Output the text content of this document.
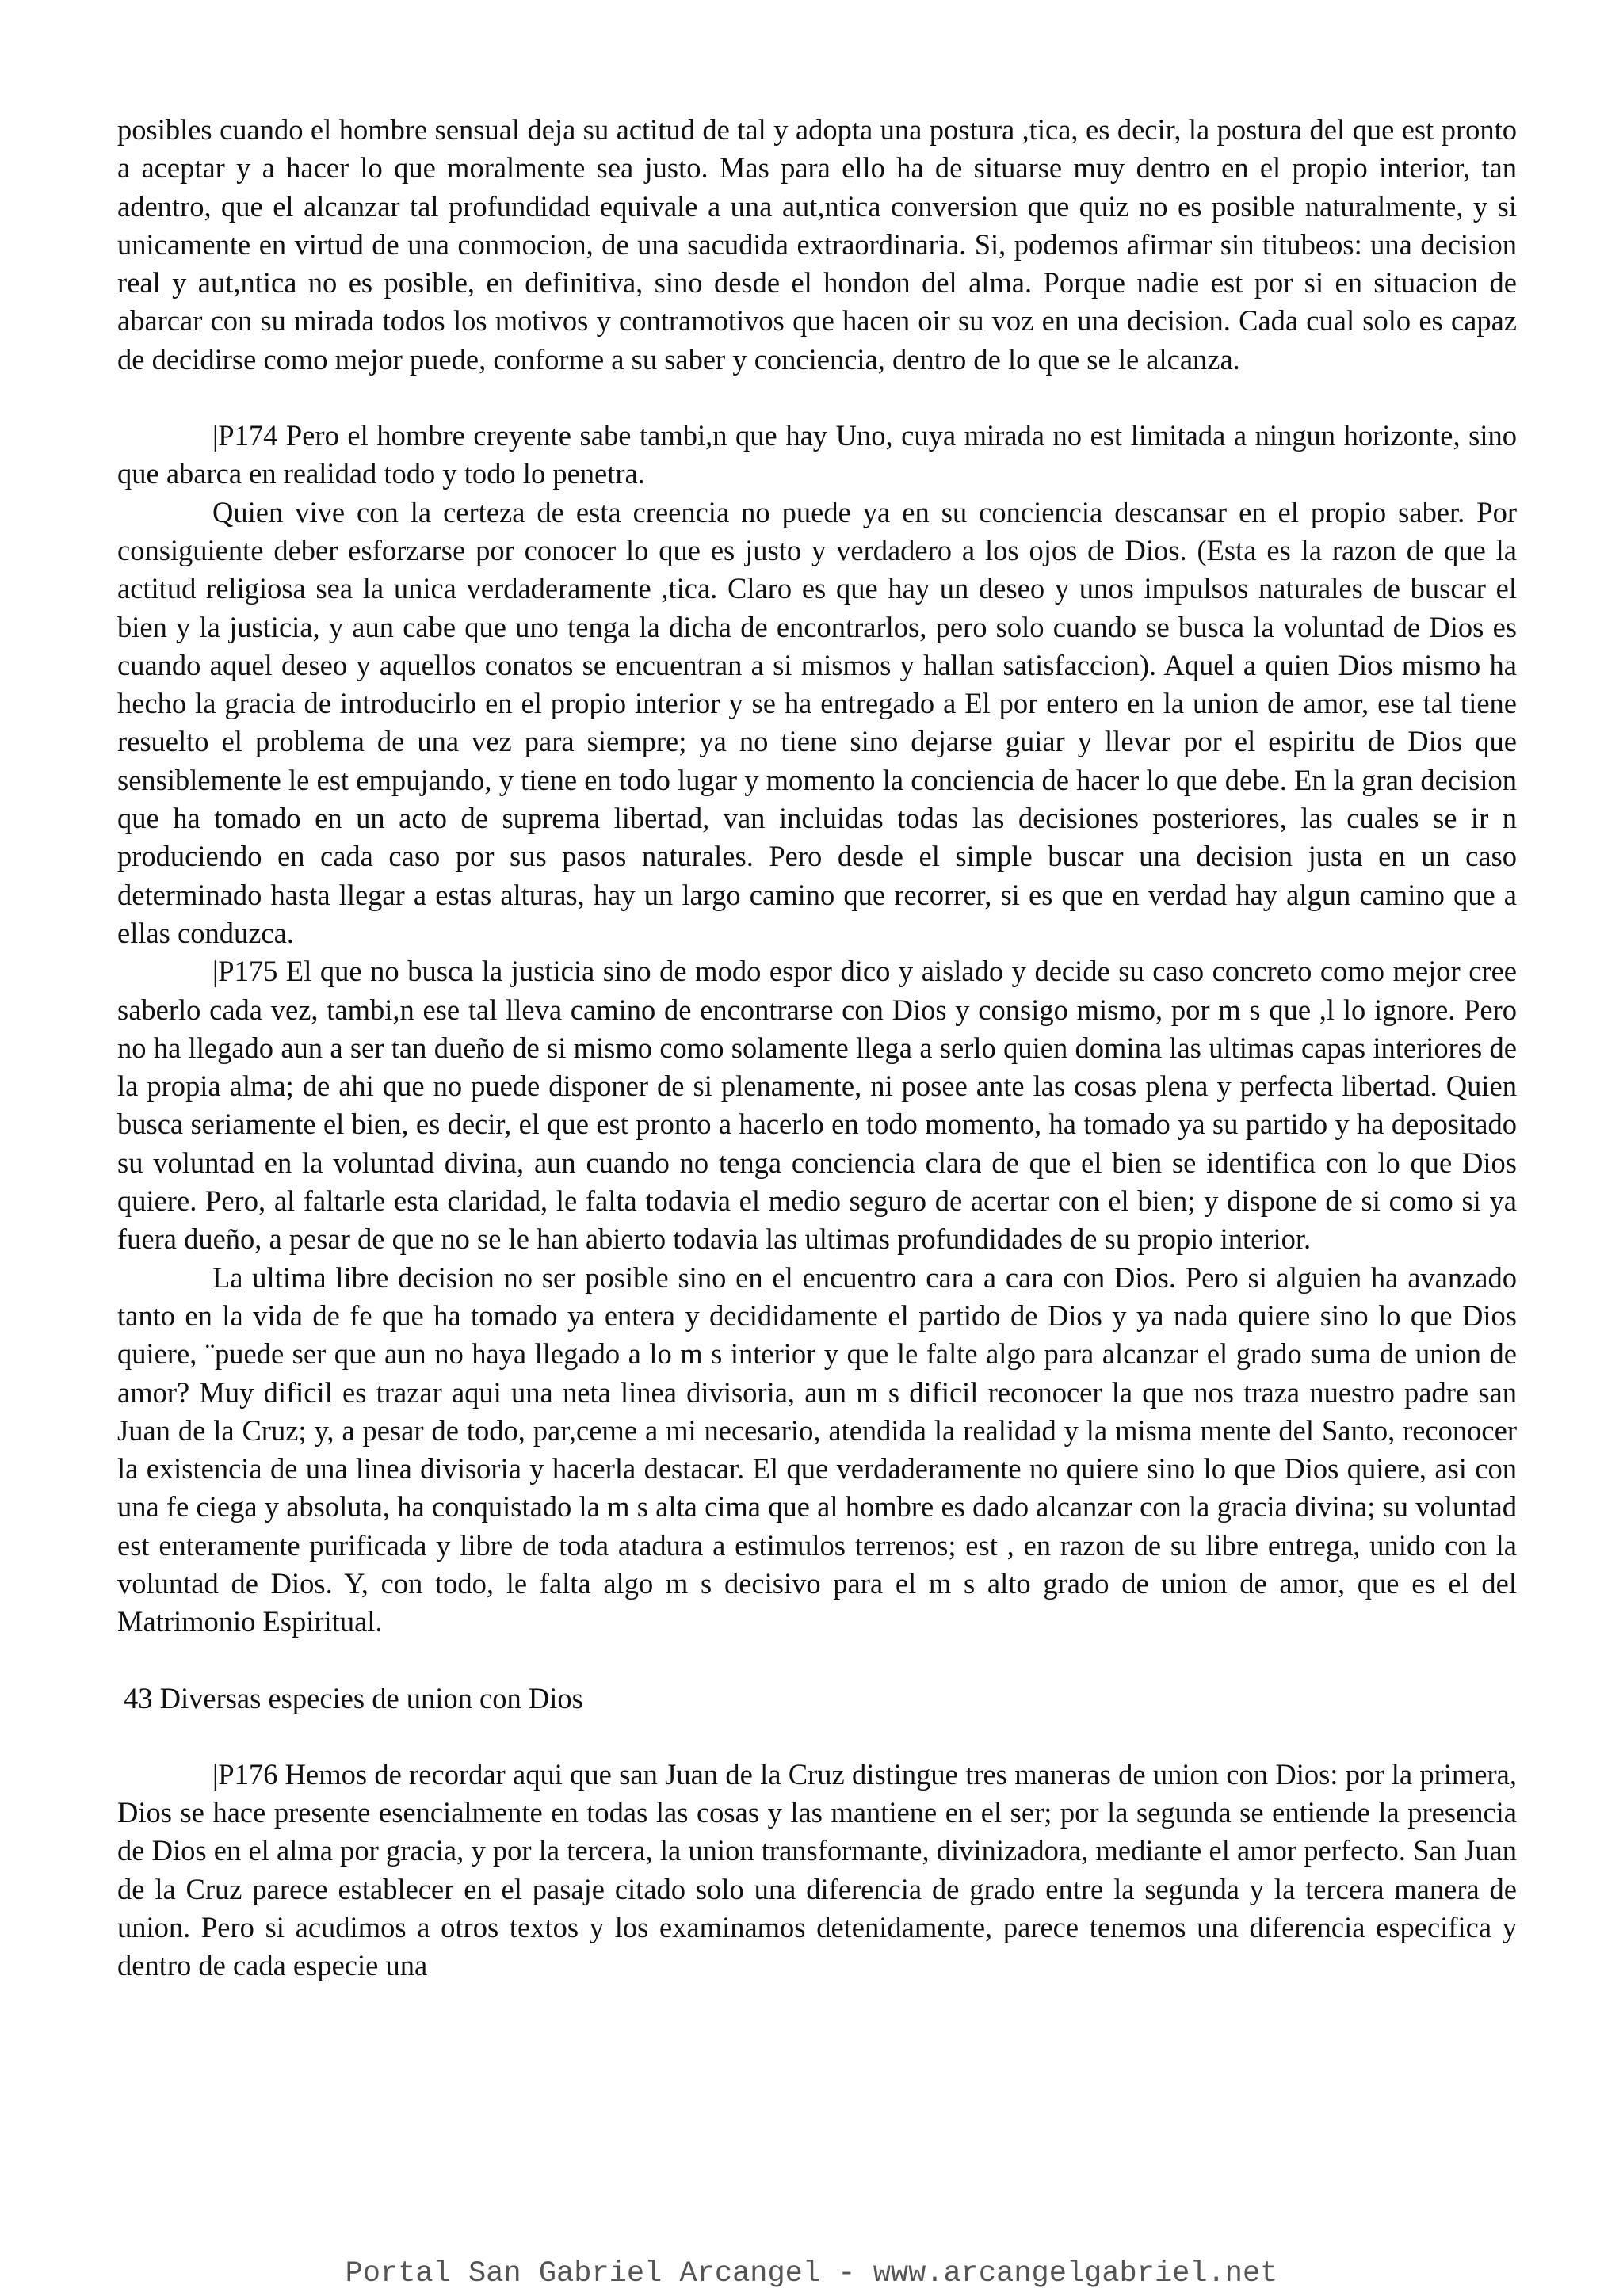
posibles cuando el hombre sensual deja su actitud de tal y adopta una postura ,tica, es decir, la postura del que est pronto a aceptar y a hacer lo que moralmente sea justo. Mas para ello ha de situarse muy dentro en el propio interior, tan adentro, que el alcanzar tal profundidad equivale a una aut,ntica conversion que quiz no es posible naturalmente, y si unicamente en virtud de una conmocion, de una sacudida extraordinaria. Si, podemos afirmar sin titubeos: una decision real y aut,ntica no es posible, en definitiva, sino desde el hondon del alma. Porque nadie est por si en situacion de abarcar con su mirada todos los motivos y contramotivos que hacen oir su voz en una decision. Cada cual solo es capaz de decidirse como mejor puede, conforme a su saber y conciencia, dentro de lo que se le alcanza.

|P174 Pero el hombre creyente sabe tambi,n que hay Uno, cuya mirada no est limitada a ningun horizonte, sino que abarca en realidad todo y todo lo penetra.

Quien vive con la certeza de esta creencia no puede ya en su conciencia descansar en el propio saber. Por consiguiente deber esforzarse por conocer lo que es justo y verdadero a los ojos de Dios. (Esta es la razon de que la actitud religiosa sea la unica verdaderamente ,tica. Claro es que hay un deseo y unos impulsos naturales de buscar el bien y la justicia, y aun cabe que uno tenga la dicha de encontrarlos, pero solo cuando se busca la voluntad de Dios es cuando aquel deseo y aquellos conatos se encuentran a si mismos y hallan satisfaccion). Aquel a quien Dios mismo ha hecho la gracia de introducirlo en el propio interior y se ha entregado a El por entero en la union de amor, ese tal tiene resuelto el problema de una vez para siempre; ya no tiene sino dejarse guiar y llevar por el espiritu de Dios que sensiblemente le est empujando, y tiene en todo lugar y momento la conciencia de hacer lo que debe. En la gran decision que ha tomado en un acto de suprema libertad, van incluidas todas las decisiones posteriores, las cuales se ir n produciendo en cada caso por sus pasos naturales. Pero desde el simple buscar una decision justa en un caso determinado hasta llegar a estas alturas, hay un largo camino que recorrer, si es que en verdad hay algun camino que a ellas conduzca.

|P175 El que no busca la justicia sino de modo espor dico y aislado y decide su caso concreto como mejor cree saberlo cada vez, tambi,n ese tal lleva camino de encontrarse con Dios y consigo mismo, por m s que ,l lo ignore. Pero no ha llegado aun a ser tan dueño de si mismo como solamente llega a serlo quien domina las ultimas capas interiores de la propia alma; de ahi que no puede disponer de si plenamente, ni posee ante las cosas plena y perfecta libertad. Quien busca seriamente el bien, es decir, el que est pronto a hacerlo en todo momento, ha tomado ya su partido y ha depositado su voluntad en la voluntad divina, aun cuando no tenga conciencia clara de que el bien se identifica con lo que Dios quiere. Pero, al faltarle esta claridad, le falta todavia el medio seguro de acertar con el bien; y dispone de si como si ya fuera dueño, a pesar de que no se le han abierto todavia las ultimas profundidades de su propio interior.

La ultima libre decision no ser posible sino en el encuentro cara a cara con Dios. Pero si alguien ha avanzado tanto en la vida de fe que ha tomado ya entera y decididamente el partido de Dios y ya nada quiere sino lo que Dios quiere, ¨puede ser que aun no haya llegado a lo m s interior y que le falte algo para alcanzar el grado suma de union de amor? Muy dificil es trazar aqui una neta linea divisoria, aun m s dificil reconocer la que nos traza nuestro padre san Juan de la Cruz; y, a pesar de todo, par,ceme a mi necesario, atendida la realidad y la misma mente del Santo, reconocer la existencia de una linea divisoria y hacerla destacar. El que verdaderamente no quiere sino lo que Dios quiere, asi con una fe ciega y absoluta, ha conquistado la m s alta cima que al hombre es dado alcanzar con la gracia divina; su voluntad est enteramente purificada y libre de toda atadura a estimulos terrenos; est , en razon de su libre entrega, unido con la voluntad de Dios. Y, con todo, le falta algo m s decisivo para el m s alto grado de union de amor, que es el del Matrimonio Espiritual.

43 Diversas especies de union con Dios

|P176 Hemos de recordar aqui que san Juan de la Cruz distingue tres maneras de union con Dios: por la primera, Dios se hace presente esencialmente en todas las cosas y las mantiene en el ser; por la segunda se entiende la presencia de Dios en el alma por gracia, y por la tercera, la union transformante, divinizadora, mediante el amor perfecto. San Juan de la Cruz parece establecer en el pasaje citado solo una diferencia de grado entre la segunda y la tercera manera de union. Pero si acudimos a otros textos y los examinamos detenidamente, parece tenemos una diferencia especifica y dentro de cada especie una

Portal San Gabriel Arcangel - www.arcangelgabriel.net
